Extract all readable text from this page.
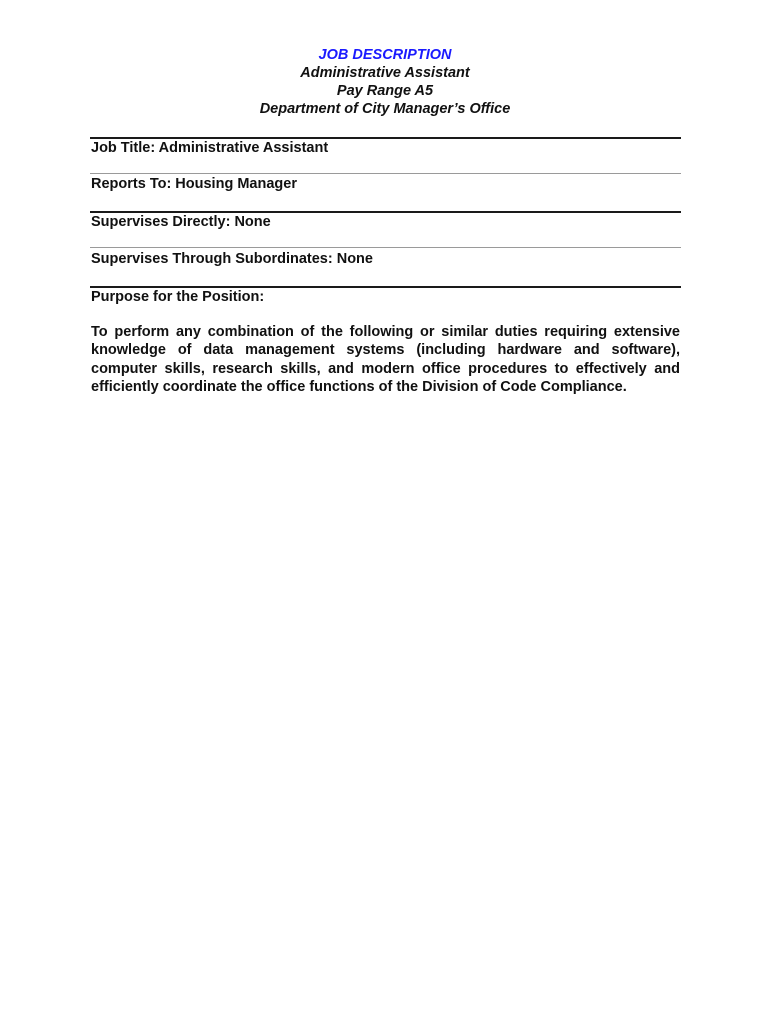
JOB DESCRIPTION
Administrative Assistant
Pay Range A5
Department of City Manager’s Office
Job Title: Administrative Assistant
Reports To: Housing Manager
Supervises Directly: None
Supervises Through Subordinates: None
Purpose for the Position:
To perform any combination of the following or similar duties requiring extensive knowledge of data management systems (including hardware and software), computer skills, research skills, and modern office procedures to effectively and efficiently coordinate the office functions of the Division of Code Compliance.
